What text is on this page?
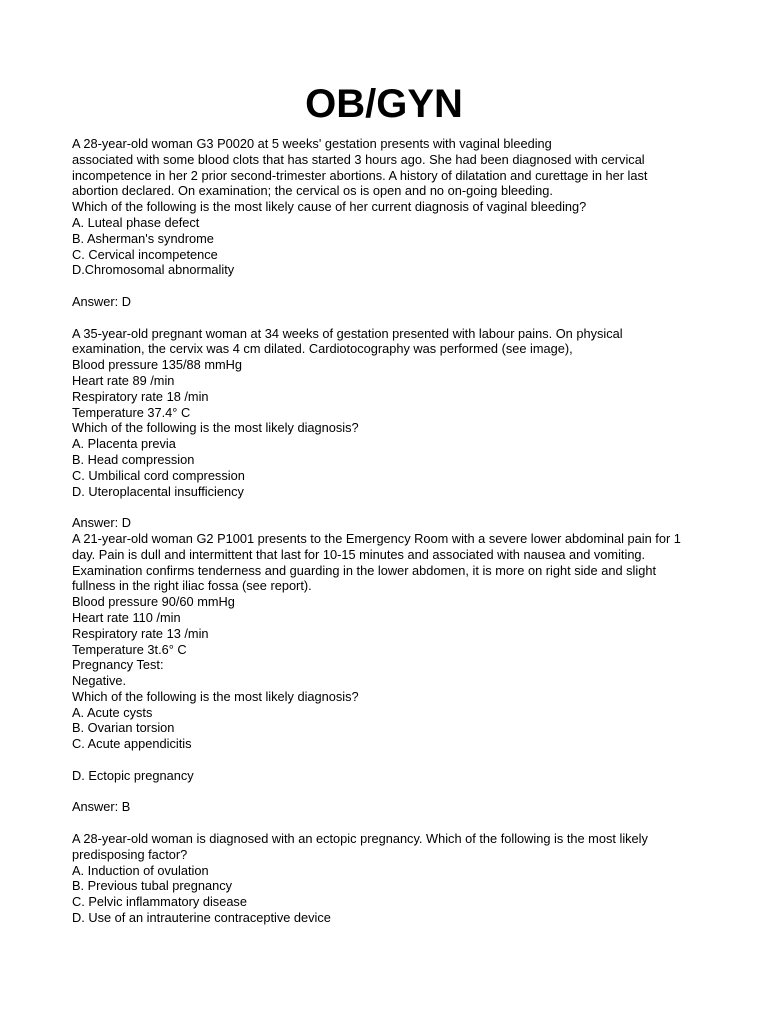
OB/GYN
A 28-year-old woman G3 P0020 at 5 weeks' gestation presents with vaginal bleeding
associated with some blood clots that has started 3 hours ago. She had been diagnosed with cervical
incompetence in her 2 prior second-trimester abortions. A history of dilatation and curettage in her last
abortion declared. On examination; the cervical os is open and no on-going bleeding.
Which of the following is the most likely cause of her current diagnosis of vaginal bleeding?
A. Luteal phase defect
B. Asherman's syndrome
C. Cervical incompetence
D.Chromosomal abnormality
Answer: D
A 35-year-old pregnant woman at 34 weeks of gestation presented with labour pains. On physical
examination, the cervix was 4 cm dilated. Cardiotocography was performed (see image),
Blood pressure 135/88 mmHg
Heart rate 89 /min
Respiratory rate 18 /min
Temperature 37.4° C
Which of the following is the most likely diagnosis?
A. Placenta previa
B. Head compression
C. Umbilical cord compression
D. Uteroplacental insufficiency
Answer: D
A 21-year-old woman G2 P1001 presents to the Emergency Room with a severe lower abdominal pain for 1
day. Pain is dull and intermittent that last for 10-15 minutes and associated with nausea and vomiting.
Examination confirms tenderness and guarding in the lower abdomen, it is more on right side and slight
fullness in the right iliac fossa (see report).
Blood pressure 90/60 mmHg
Heart rate 110 /min
Respiratory rate 13 /min
Temperature 3t.6° C
Pregnancy Test:
Negative.
Which of the following is the most likely diagnosis?
A. Acute cysts
B. Ovarian torsion
C. Acute appendicitis
D. Ectopic pregnancy
Answer: B
A 28-year-old woman is diagnosed with an ectopic pregnancy. Which of the following is the most likely
predisposing factor?
A. Induction of ovulation
B. Previous tubal pregnancy
C. Pelvic inflammatory disease
D. Use of an intrauterine contraceptive device
